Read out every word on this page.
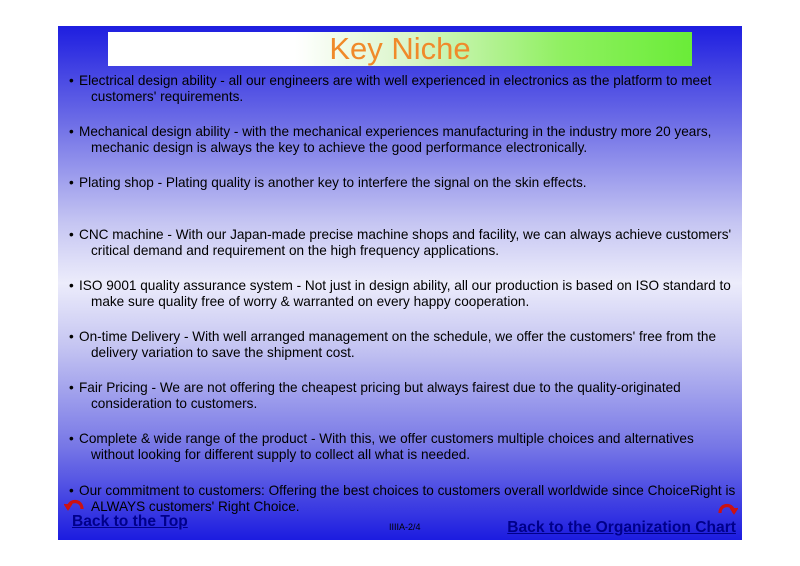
Key Niche
• Electrical design ability - all our engineers are with well experienced in electronics as the platform to meet customers' requirements.
• Mechanical design ability - with the mechanical experiences manufacturing in the industry more 20 years, mechanic design is always the key to achieve the good performance electronically.
• Plating shop - Plating quality is another key to interfere the signal on the skin effects.
• CNC machine - With our Japan-made precise machine shops and facility, we can always achieve customers' critical demand and requirement on the high frequency applications.
• ISO 9001 quality assurance system - Not just in design ability, all our production is based on ISO standard to make sure quality free of worry & warranted on every happy cooperation.
• On-time Delivery - With well arranged management on the schedule, we offer the customers' free from the delivery variation to save the shipment cost.
• Fair Pricing - We are not offering the cheapest pricing but always fairest due to the quality-originated consideration to customers.
• Complete & wide range of the product - With this, we offer customers multiple choices and alternatives without looking for different supply to collect all what is needed.
• Our commitment to customers: Offering the best choices to customers overall worldwide since ChoiceRight is ALWAYS customers' Right Choice.
Back to the Top	IIIIA-2/4	Back to the Organization Chart
